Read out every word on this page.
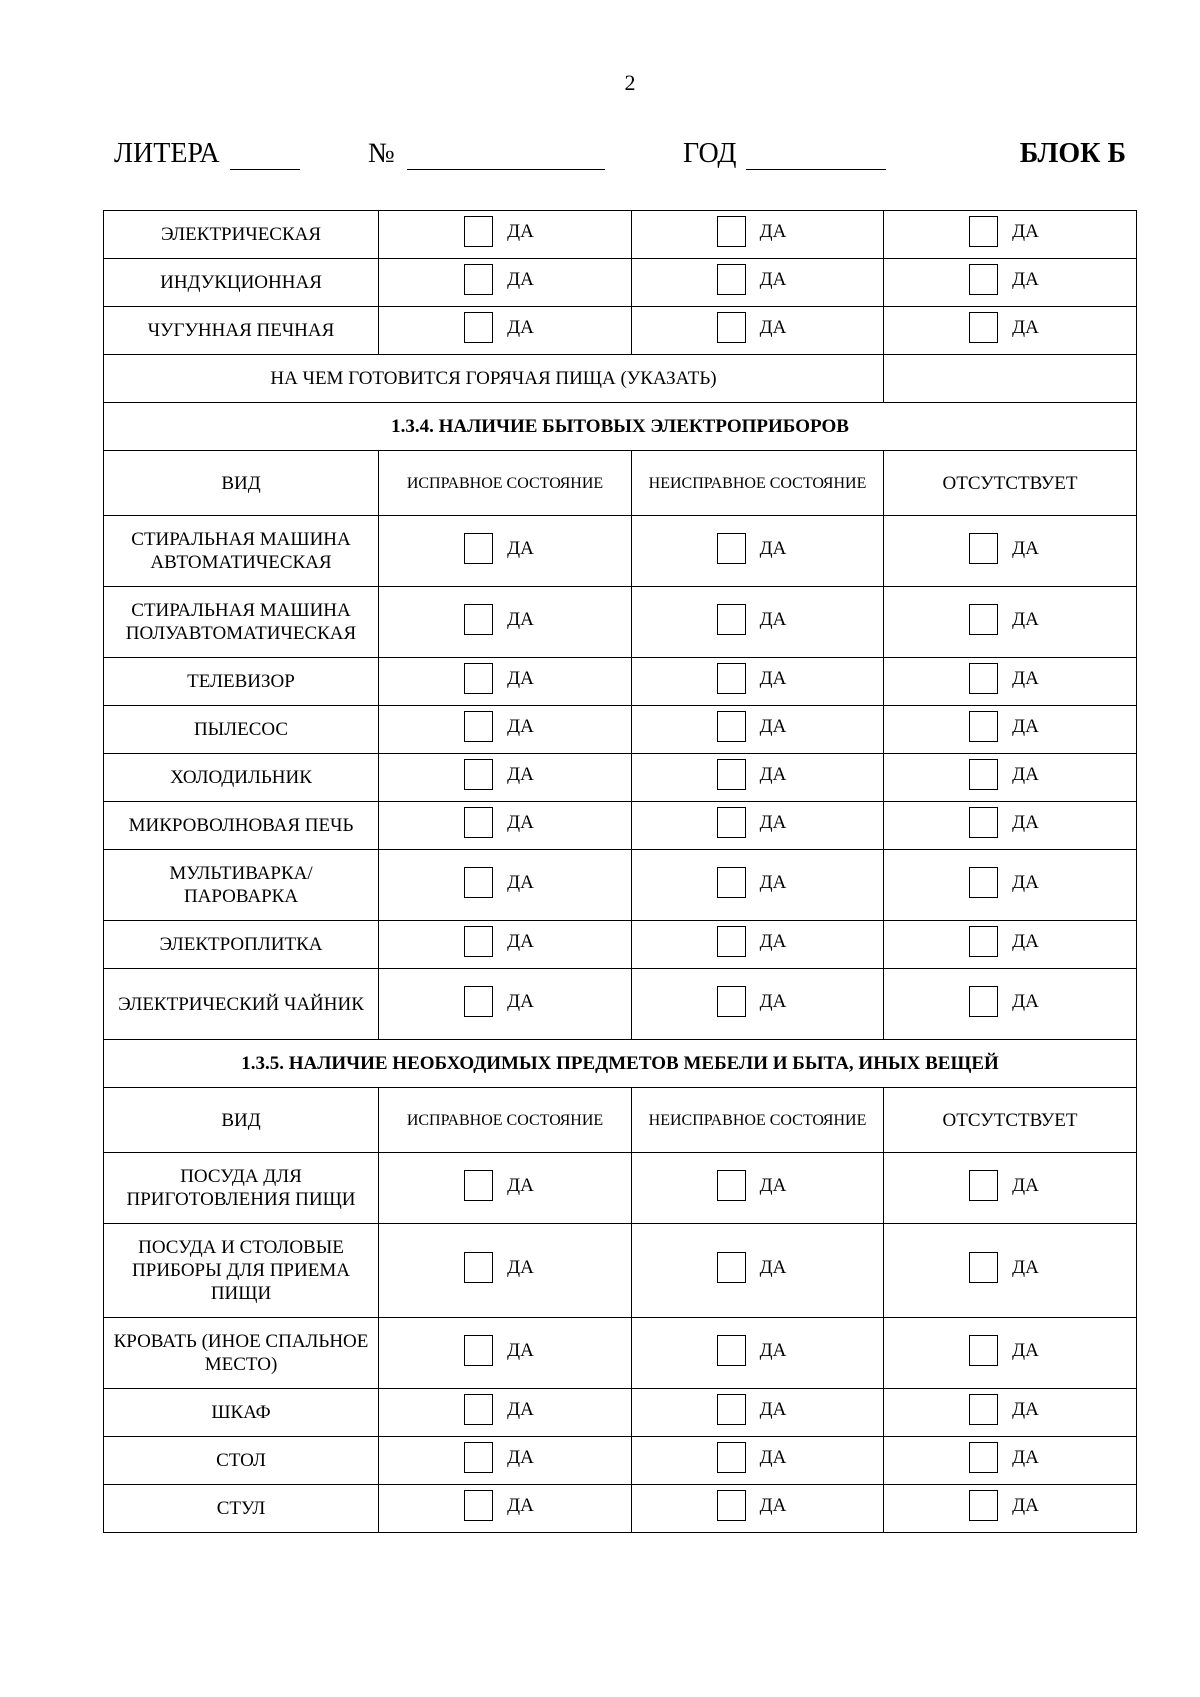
2
ЛИТЕРА	№	ГОД	БЛОК Б
ЭЛЕКТРИЧЕСКАЯ	ДА	ДА	ДА

ИНДУКЦИОННАЯ	ДА	ДА	ДА

ЧУГУННАЯ ПЕЧНАЯ	ДА	ДА	ДА

НА ЧЕМ ГОТОВИТСЯ ГОРЯЧАЯ ПИЩА (УКАЗАТЬ)			
1.3.4. НАЛИЧИЕ БЫТОВЫХ ЭЛЕКТРОПРИБОРОВ			
ВИД	ИСПРАВНОЕ СОСТОЯНИЕ	НЕИСПРАВНОЕ СОСТОЯНИЕ	ОТСУТСТВУЕТ
СТИРАЛЬНАЯ МАШИНА АВТОМАТИЧЕСКАЯ	ДА	ДА	ДА

СТИРАЛЬНАЯ МАШИНА ПОЛУАВТОМАТИЧЕСКАЯ	ДА	ДА	ДА

ТЕЛЕВИЗОР	ДА	ДА	ДА

ПЫЛЕСОС	ДА	ДА	ДА

ХОЛОДИЛЬНИК	ДА	ДА	ДА

МИКРОВОЛНОВАЯ ПЕЧЬ	ДА	ДА	ДА

МУЛЬТИВАРКА/ ПАРОВАРКА	ДА	ДА	ДА

ЭЛЕКТРОПЛИТКА	ДА	ДА	ДА

ЭЛЕКТРИЧЕСКИЙ ЧАЙНИК	ДА	ДА	ДА

1.3.5. НАЛИЧИЕ НЕОБХОДИМЫХ ПРЕДМЕТОВ МЕБЕЛИ И БЫТА, ИНЫХ ВЕЩЕЙ			
ВИД	ИСПРАВНОЕ СОСТОЯНИЕ	НЕИСПРАВНОЕ СОСТОЯНИЕ	ОТСУТСТВУЕТ
ПОСУДА ДЛЯ ПРИГОТОВЛЕНИЯ ПИЩИ	ДА	ДА	ДА

ПОСУДА И СТОЛОВЫЕ ПРИБОРЫ ДЛЯ ПРИЕМА ПИЩИ	ДА	ДА	ДА

КРОВАТЬ (ИНОЕ СПАЛЬНОЕ МЕСТО)	ДА	ДА	ДА

ШКАФ	ДА	ДА	ДА

СТОЛ	ДА	ДА	ДА

СТУЛ	ДА	ДА	ДА
